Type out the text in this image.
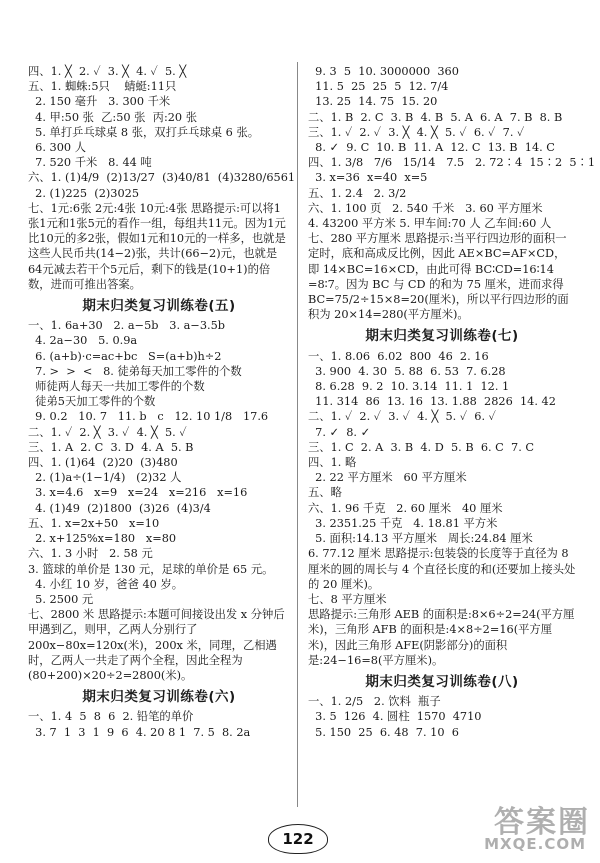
四、1. ╳  2. ✓  3. ╳  4. ✓  5. ╳
五、1. 蜘蛛:5只    蜻蜓:11只
2. 150 毫升   3. 300 千米
4. 甲:50 张  乙:50 张  丙:20 张
5. 单打乒乓球桌 8 张，双打乒乓球桌 6 张。
6. 300 人
7. 520 千米   8. 44 吨
六、1. (1)4/9  (2)13/27  (3)40/81  (4)3280/6561
2. (1)225  (2)3025
七、1元:6张 2元:4张 10元:4张 思路提示:可以将1张1元和1张5元的看作一组，每组共11元。因为1元比10元的多2张，假如1元和10元的一样多，也就是这些人民币共(14−2)张，共计(66−2)元，也就是64元减去若干个5元后，剩下的钱是(10+1)的倍数，进而可推出答案。
期末归类复习训练卷(五)
一、1. 6a+30   2. a−5b   3. a−3.5b
4. 2a−30   5. 0.9a
6. (a+b)·c=ac+bc   S=(a+b)h÷2
7. >  >  <   8. 徒弟每天加工零件的个数
师徒两人每天一共加工零件的个数
徒弟5天加工零件的个数
9. 0.2   10. 7   11. b   c   12. 10 1/8   17.6
二、1. ✓  2. ╳  3. ✓  4. ╳  5. ✓
三、1. A  2. C  3. D  4. A  5. B
四、1. (1)64  (2)20  (3)480
2. (1)a÷(1−1/4)   (2)32 人
3. x=4.6   x=9   x=24   x=216   x=16
4. (1)49  (2)1800  (3)26  (4)3/4
五、1. x=2x+50   x=10
2. x+125%x=180   x=80
六、1. 3 小时   2. 58 元
3. 篮球的单价是 130 元，足球的单价是 65 元。
4. 小红 10 岁，爸爸 40 岁。
5. 2500 元
七、2800 米 思路提示:本题可间接设出发 x 分钟后甲遇到乙，则甲，乙两人分别行了 200x−80x=120x(米)，200x 米，同理，乙相遇时，乙两人一共走了两个全程，因此全程为(80+200)×20÷2=2800(米)。
期末归类复习训练卷(六)
一、1. 4  5  8  6  2. 铅笔的单价
3. 7  1  3  1  9  6  4. 20 8 1  7. 5  8. 2a
9. 3  5  10. 3000000  360
11. 5  25  25  5  12. 7/4
13. 25  14. 75  15. 20
二、1. B  2. C  3. B  4. B  5. A  6. A  7. B  8. B
三、1. ✓  2. ✓  3. ╳  4. ╳  5. ✓  6. ✓  7. ✓
8. ✓  9. C  10. B  11. A  12. C  13. B  14. C
四、1. 3/8   7/6   15/14   7.5   2. 72∶4  15∶2  5∶1
3. x=36  x=40  x=5
五、1. 2.4   2. 3/2
六、1. 100 页   2. 540 千米   3. 60 平方厘米
4. 43200 平方米 5. 甲车间:70 人 乙车间:60 人
七、280 平方厘米 思路提示:当平行四边形的面积一定时，底和高成反比例，因此 AE×BC=AF×CD，即 14×BC=16×CD，由此可得 BC∶CD=16∶14 =8∶7。因为 BC 与 CD 的和为 75 厘米，进而求得 BC=75/2÷15×8=20(厘米)，所以平行四边形的面积为 20×14=280(平方厘米)。
期末归类复习训练卷(七)
一、1. 8.06  6.02  800  46  2. 16
3. 900  4. 30  5. 88  6. 53  7. 6.28
8. 6.28  9. 2  10. 3.14  11. 1  12. 1
11. 314  86  13. 16  13. 1.88  2826  14. 42
二、1. ✓  2. ✓  3. ✓  4. ╳  5. ✓  6. ✓
7. ✓  8. ✓
三、1. C  2. A  3. B  4. D  5. B  6. C  7. C
四、1. 略
2. 22 平方厘米   60 平方厘米
五、略
六、1. 96 千克   2. 60 厘米   40 厘米
3. 2351.25 千克   4. 18.81 平方米
5. 面积:14.13 平方厘米   周长:24.84 厘米
6. 77.12 厘米 思路提示:包装袋的长度等于直径为 8 厘米的圆的周长与 4 个直径长度的和(还要加上接头处的 20 厘米)。
七、8 平方厘米
思路提示:三角形 AEB 的面积是:8×6÷2=24(平方厘米)，三角形 AFB 的面积是:4×8÷2=16(平方厘米)，因此三角形 AFE(阴影部分)的面积是:24−16=8(平方厘米)。
期末归类复习训练卷(八)
一、1. 2/5   2. 饮料  瓶子
3. 5  126  4. 圆柱  1570  4710
5. 150  25  6. 48  7. 10  6
122	答案圈
MXQE.COM
